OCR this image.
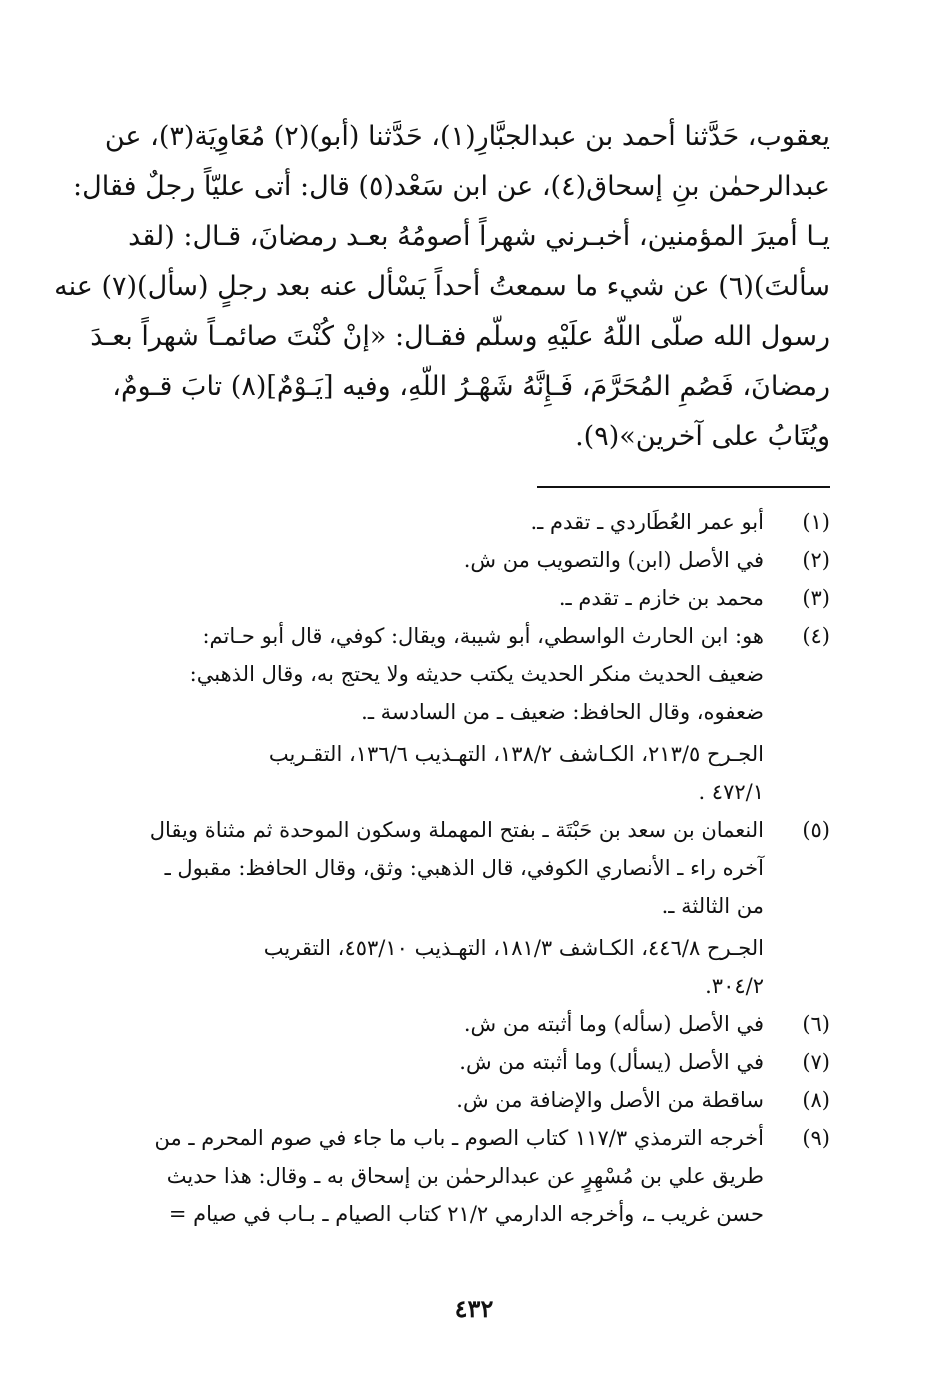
يعقوب، حَدَّثنا أحمد بن عبدالجبَّارِ(١)، حَدَّثنا (أبو)(٢) مُعَاوِيَة(٣)، عن
عبدالرحمٰن بنِ إسحاق(٤)، عن ابن سَعْد(٥) قال: أتى عليّاً رجلٌ فقال:
يـا أميرَ المؤمنين، أخبـرني شهراً أصومُهُ بعـد رمضانَ، قـال: (لقد
سألتَ)(٦) عن شيء ما سمعتُ أحداً يَسْأل عنه بعد رجلٍ (سأل)(٧) عنه
رسول الله صلّى اللّهُ علَيْهِ وسلّم فقـال: «إنْ كُنْتَ صائمـاً شهراً بعـدَ
رمضانَ، فَصُمِ المُحَرَّمَ، فَـإِنَّهُ شَهْـرُ اللّهِ، وفيه [يَـوْمٌ](٨) تابَ قـومٌ،
ويُتَابُ على آخرين»(٩).
(١)
أبو عمر العُطَاردي ـ تقدم ـ.
(٢)
في الأصل (ابن) والتصويب من ش.
(٣)
محمد بن خازم ـ تقدم ـ.
(٤)
هو: ابن الحارث الواسطي، أبو شيبة، ويقال: كوفي، قال أبو حـاتم:
ضعيف الحديث منكر الحديث يكتب حديثه ولا يحتج به، وقال الذهبي:
ضعفوه، وقال الحافظ: ضعيف ـ من السادسة ـ.
الجـرح ٢١٣/٥، الكـاشف ١٣٨/٢، التهـذيب ١٣٦/٦، التقـريب
٤٧٢/١ .
(٥)
النعمان بن سعد بن حَبْتَة ـ بفتح المهملة وسكون الموحدة ثم مثناة ويقال
آخره راء ـ الأنصاري الكوفي، قال الذهبي: وثق، وقال الحافظ: مقبول ـ
من الثالثة ـ.
الجـرح ٤٤٦/٨، الكـاشف ١٨١/٣، التهـذيب ٤٥٣/١٠، التقريب
٣٠٤/٢.
(٦)
في الأصل (سأله) وما أثبته من ش.
(٧)
في الأصل (يسأل) وما أثبته من ش.
(٨)
ساقطة من الأصل والإضافة من ش.
(٩)
أخرجه الترمذي ١١٧/٣ كتاب الصوم ـ باب ما جاء في صوم المحرم ـ من
طريق علي بن مُسْهِرٍ عن عبدالرحمٰن بن إسحاق به ـ وقال: هذا حديث
حسن غريب ـ، وأخرجه الدارمي ٢١/٢ كتاب الصيام ـ بـاب في صيام =
٤٣٢
